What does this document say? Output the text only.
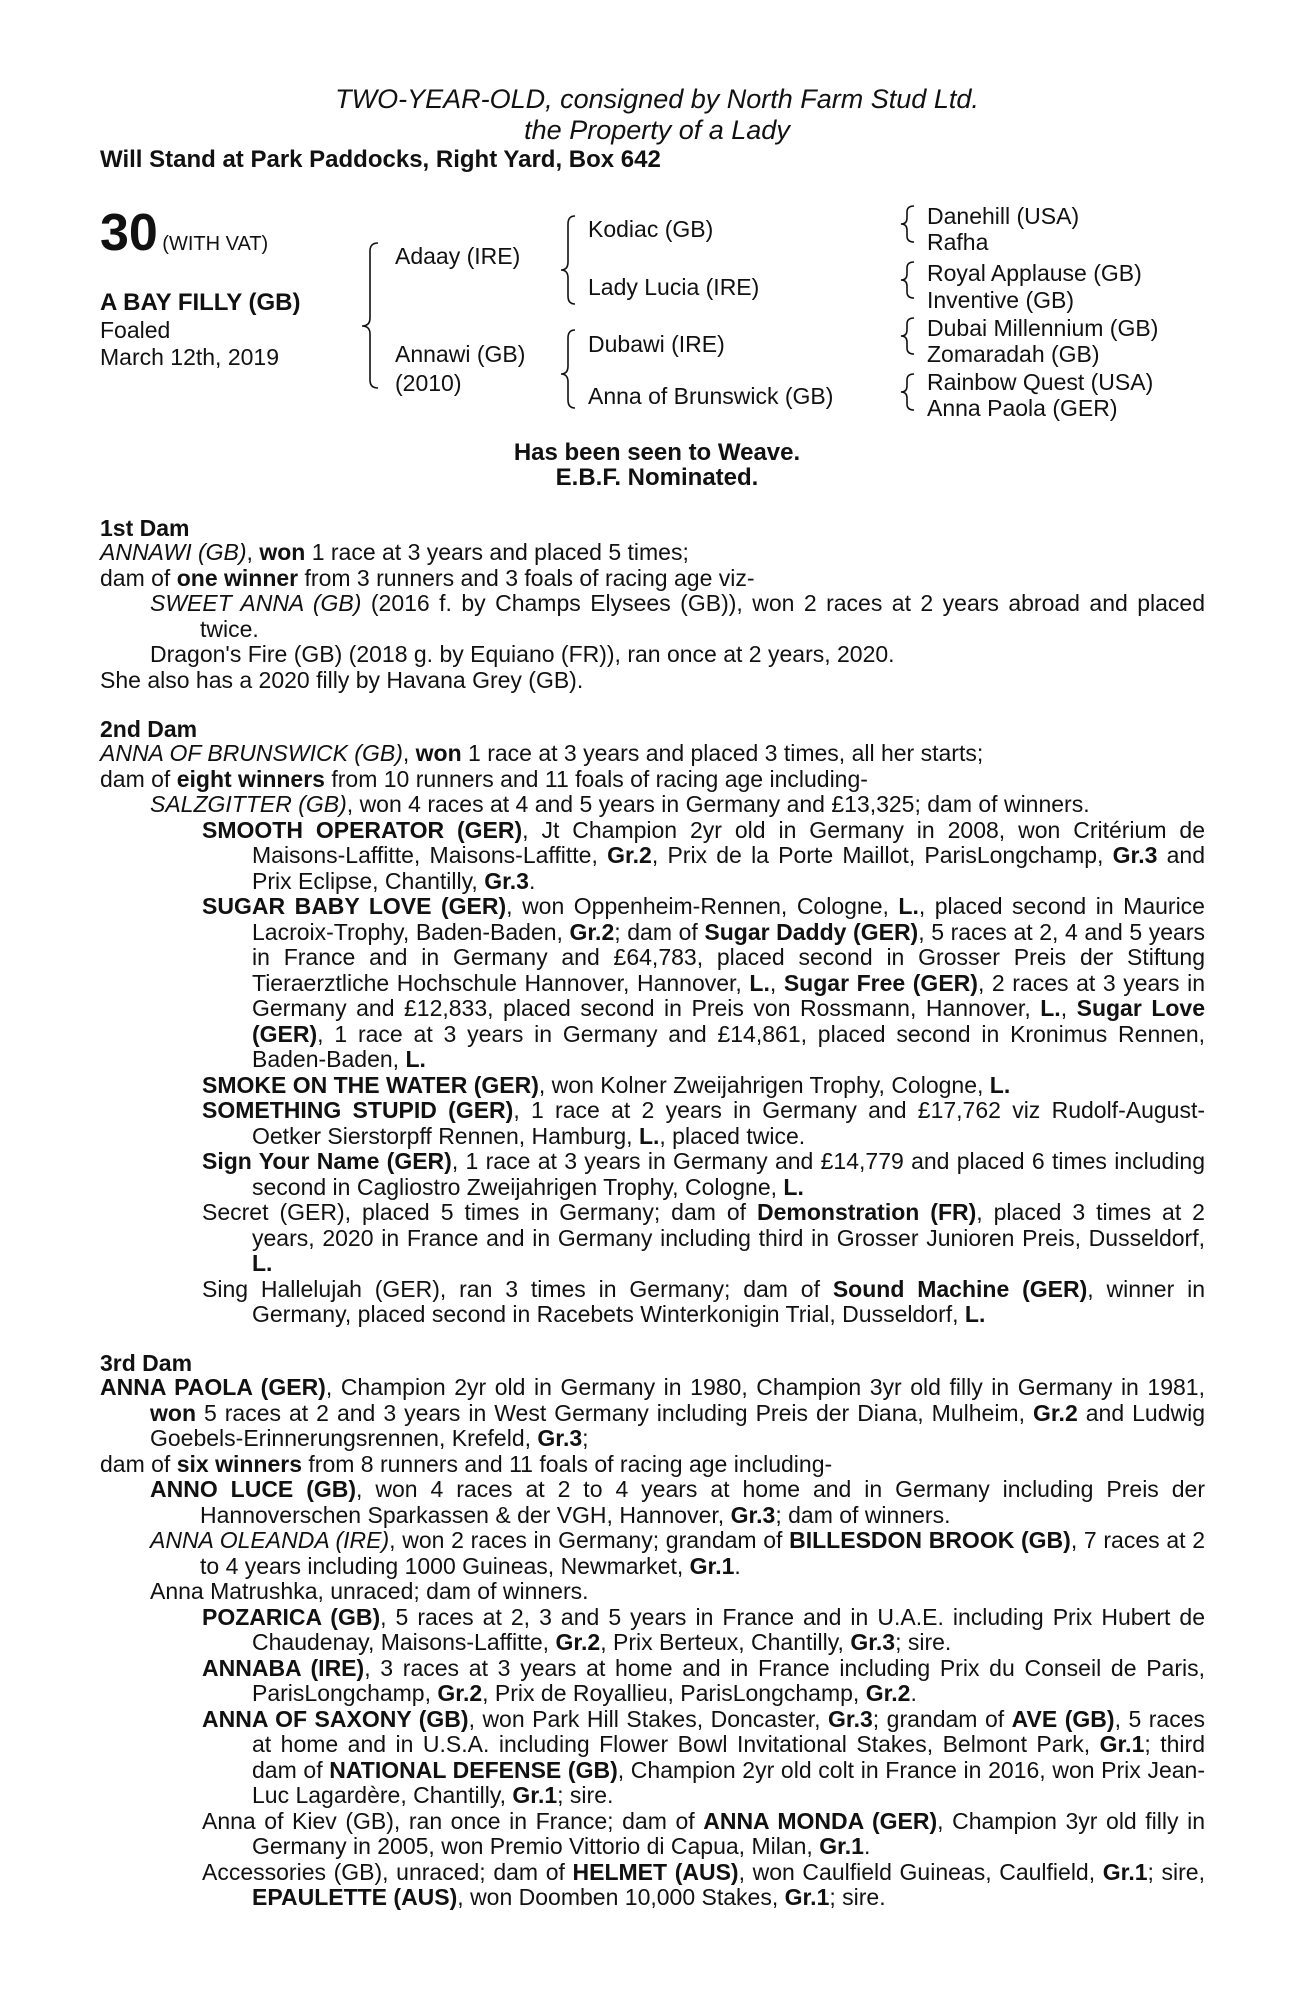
TWO-YEAR-OLD, consigned by North Farm Stud Ltd.
the Property of a Lady
Will Stand at Park Paddocks, Right Yard, Box 642
30 (WITH VAT)
A BAY FILLY (GB)
Foaled
March 12th, 2019
Adaay (IRE)
Annawi (GB)
(2010)
Kodiac (GB)
Lady Lucia (IRE)
Dubawi (IRE)
Anna of Brunswick (GB)
Danehill (USA)
Rafha
Royal Applause (GB)
Inventive (GB)
Dubai Millennium (GB)
Zomaradah (GB)
Rainbow Quest (USA)
Anna Paola (GER)
Has been seen to Weave.
E.B.F. Nominated.
1st Dam
ANNAWI (GB), won 1 race at 3 years and placed 5 times;
dam of one winner from 3 runners and 3 foals of racing age viz-
SWEET ANNA (GB) (2016 f. by Champs Elysees (GB)), won 2 races at 2 years abroad and placed twice.
Dragon's Fire (GB) (2018 g. by Equiano (FR)), ran once at 2 years, 2020.
She also has a 2020 filly by Havana Grey (GB).
2nd Dam
ANNA OF BRUNSWICK (GB), won 1 race at 3 years and placed 3 times, all her starts;
dam of eight winners from 10 runners and 11 foals of racing age including-
SALZGITTER (GB), won 4 races at 4 and 5 years in Germany and £13,325; dam of winners.
SMOOTH OPERATOR (GER), Jt Champion 2yr old in Germany in 2008, won Critérium de Maisons-Laffitte, Maisons-Laffitte, Gr.2, Prix de la Porte Maillot, ParisLongchamp, Gr.3 and Prix Eclipse, Chantilly, Gr.3.
SUGAR BABY LOVE (GER), won Oppenheim-Rennen, Cologne, L., placed second in Maurice Lacroix-Trophy, Baden-Baden, Gr.2; dam of Sugar Daddy (GER), 5 races at 2, 4 and 5 years in France and in Germany and £64,783, placed second in Grosser Preis der Stiftung Tieraerztliche Hochschule Hannover, Hannover, L., Sugar Free (GER), 2 races at 3 years in Germany and £12,833, placed second in Preis von Rossmann, Hannover, L., Sugar Love (GER), 1 race at 3 years in Germany and £14,861, placed second in Kronimus Rennen, Baden-Baden, L.
SMOKE ON THE WATER (GER), won Kolner Zweijahrigen Trophy, Cologne, L.
SOMETHING STUPID (GER), 1 race at 2 years in Germany and £17,762 viz Rudolf-August-Oetker Sierstorpff Rennen, Hamburg, L., placed twice.
Sign Your Name (GER), 1 race at 3 years in Germany and £14,779 and placed 6 times including second in Cagliostro Zweijahrigen Trophy, Cologne, L.
Secret (GER), placed 5 times in Germany; dam of Demonstration (FR), placed 3 times at 2 years, 2020 in France and in Germany including third in Grosser Junioren Preis, Dusseldorf, L.
Sing Hallelujah (GER), ran 3 times in Germany; dam of Sound Machine (GER), winner in Germany, placed second in Racebets Winterkonigin Trial, Dusseldorf, L.
3rd Dam
ANNA PAOLA (GER), Champion 2yr old in Germany in 1980, Champion 3yr old filly in Germany in 1981, won 5 races at 2 and 3 years in West Germany including Preis der Diana, Mulheim, Gr.2 and Ludwig Goebels-Erinnerungsrennen, Krefeld, Gr.3;
dam of six winners from 8 runners and 11 foals of racing age including-
ANNO LUCE (GB), won 4 races at 2 to 4 years at home and in Germany including Preis der Hannoverschen Sparkassen & der VGH, Hannover, Gr.3; dam of winners.
ANNA OLEANDA (IRE), won 2 races in Germany; grandam of BILLESDON BROOK (GB), 7 races at 2 to 4 years including 1000 Guineas, Newmarket, Gr.1.
Anna Matrushka, unraced; dam of winners.
POZARICA (GB), 5 races at 2, 3 and 5 years in France and in U.A.E. including Prix Hubert de Chaudenay, Maisons-Laffitte, Gr.2, Prix Berteux, Chantilly, Gr.3; sire.
ANNABA (IRE), 3 races at 3 years at home and in France including Prix du Conseil de Paris, ParisLongchamp, Gr.2, Prix de Royallieu, ParisLongchamp, Gr.2.
ANNA OF SAXONY (GB), won Park Hill Stakes, Doncaster, Gr.3; grandam of AVE (GB), 5 races at home and in U.S.A. including Flower Bowl Invitational Stakes, Belmont Park, Gr.1; third dam of NATIONAL DEFENSE (GB), Champion 2yr old colt in France in 2016, won Prix Jean-Luc Lagardère, Chantilly, Gr.1; sire.
Anna of Kiev (GB), ran once in France; dam of ANNA MONDA (GER), Champion 3yr old filly in Germany in 2005, won Premio Vittorio di Capua, Milan, Gr.1.
Accessories (GB), unraced; dam of HELMET (AUS), won Caulfield Guineas, Caulfield, Gr.1; sire, EPAULETTE (AUS), won Doomben 10,000 Stakes, Gr.1; sire.
